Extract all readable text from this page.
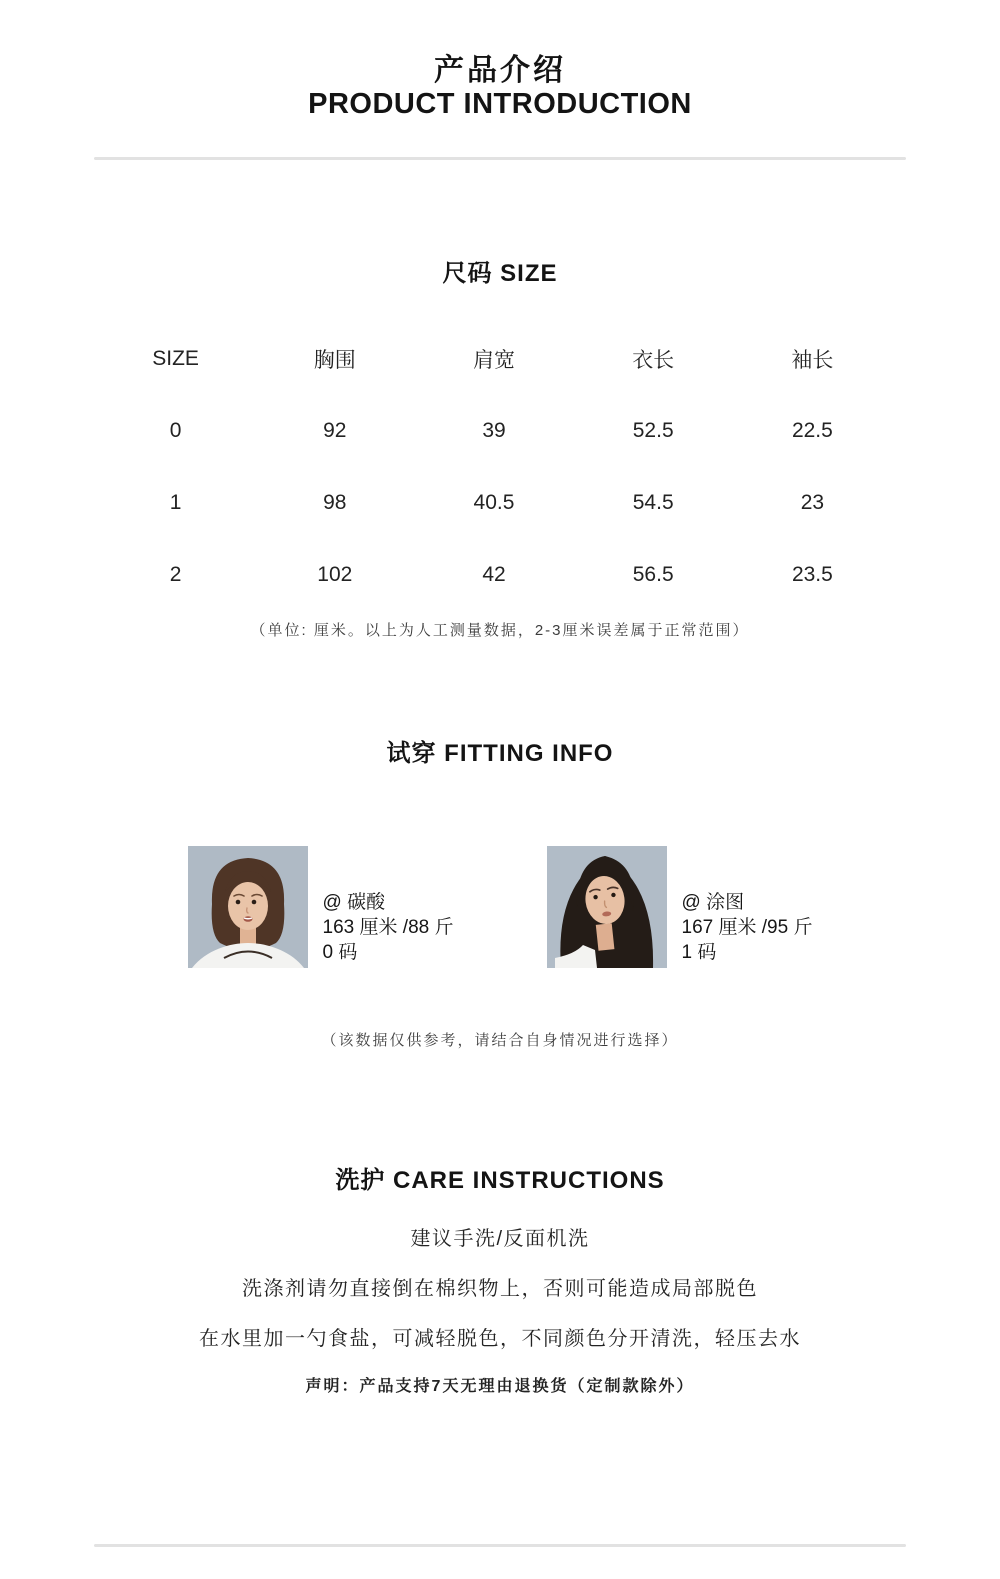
产品介绍
PRODUCT INTRODUCTION
尺码 SIZE
SIZE	胸围	肩宽	衣长	袖长
0	92	39	52.5	22.5
1	98	40.5	54.5	23
2	102	42	56.5	23.5

（单位: 厘米。以上为人工测量数据，2-3厘米误差属于正常范围）

试穿 FITTING INFO
@ 碳酸
163 厘米 /88 斤
0 码
@ 涂图
167 厘米 /95 斤
1 码

（该数据仅供参考，请结合自身情况进行选择）

洗护 CARE INSTRUCTIONS

建议手洗/反面机洗

洗涤剂请勿直接倒在棉织物上，否则可能造成局部脱色

在水里加一勺食盐，可减轻脱色，不同颜色分开清洗，轻压去水

声明：产品支持7天无理由退换货（定制款除外）
